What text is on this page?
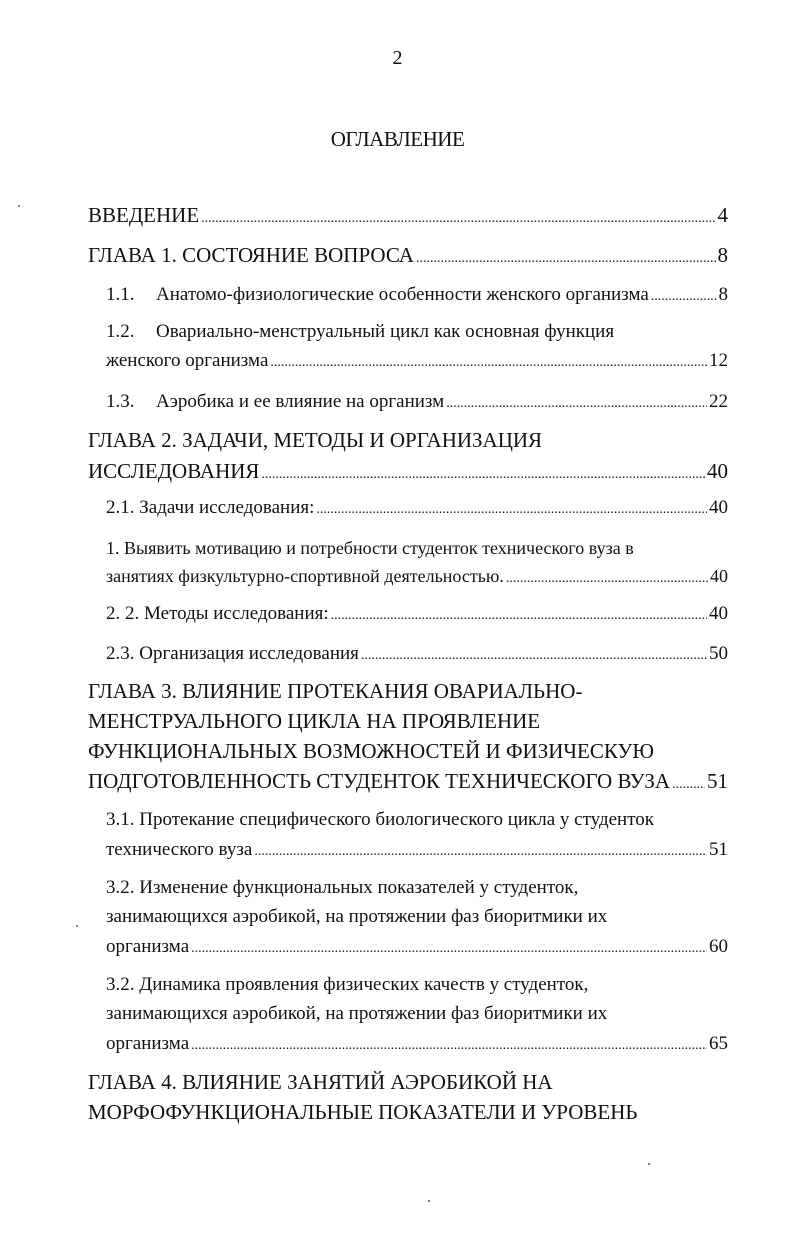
2
ОГЛАВЛЕНИЕ
ВВЕДЕНИЕ .....	4
ГЛАВА 1. СОСТОЯНИЕ ВОПРОСА .....	8
1.1. Анатомо-физиологические особенности женского организма .....	8
1.2. Овариально-менструальный цикл как основная функция
женского организма .....	12
1.3. Аэробика и ее влияние на организм .....	22
ГЛАВА 2. ЗАДАЧИ, МЕТОДЫ И ОРГАНИЗАЦИЯ
ИССЛЕДОВАНИЯ .....	40
2.1. Задачи исследования: .....	40
1. Выявить мотивацию и потребности студенток технического вуза в
занятиях физкультурно-спортивной деятельностью. .....	40
2. 2. Методы исследования: .....	40
2.3. Организация исследования .....	50
ГЛАВА 3. ВЛИЯНИЕ ПРОТЕКАНИЯ ОВАРИАЛЬНО-
МЕНСТРУАЛЬНОГО ЦИКЛА НА ПРОЯВЛЕНИЕ
ФУНКЦИОНАЛЬНЫХ ВОЗМОЖНОСТЕЙ И ФИЗИЧЕСКУЮ
ПОДГОТОВЛЕННОСТЬ СТУДЕНТОК ТЕХНИЧЕСКОГО ВУЗА ..... 51
3.1. Протекание специфического биологического цикла у студенток
технического вуза .....	51
3.2. Изменение функциональных показателей у студенток,
занимающихся аэробикой, на протяжении фаз биоритмики их
организма .....	60
3.2. Динамика проявления физических качеств у студенток,
занимающихся аэробикой, на протяжении фаз биоритмики их
организма .....	65
ГЛАВА 4. ВЛИЯНИЕ ЗАНЯТИЙ АЭРОБИКОЙ НА
МОРФОФУНКЦИОНАЛЬНЫЕ ПОКАЗАТЕЛИ И УРОВЕНЬ
